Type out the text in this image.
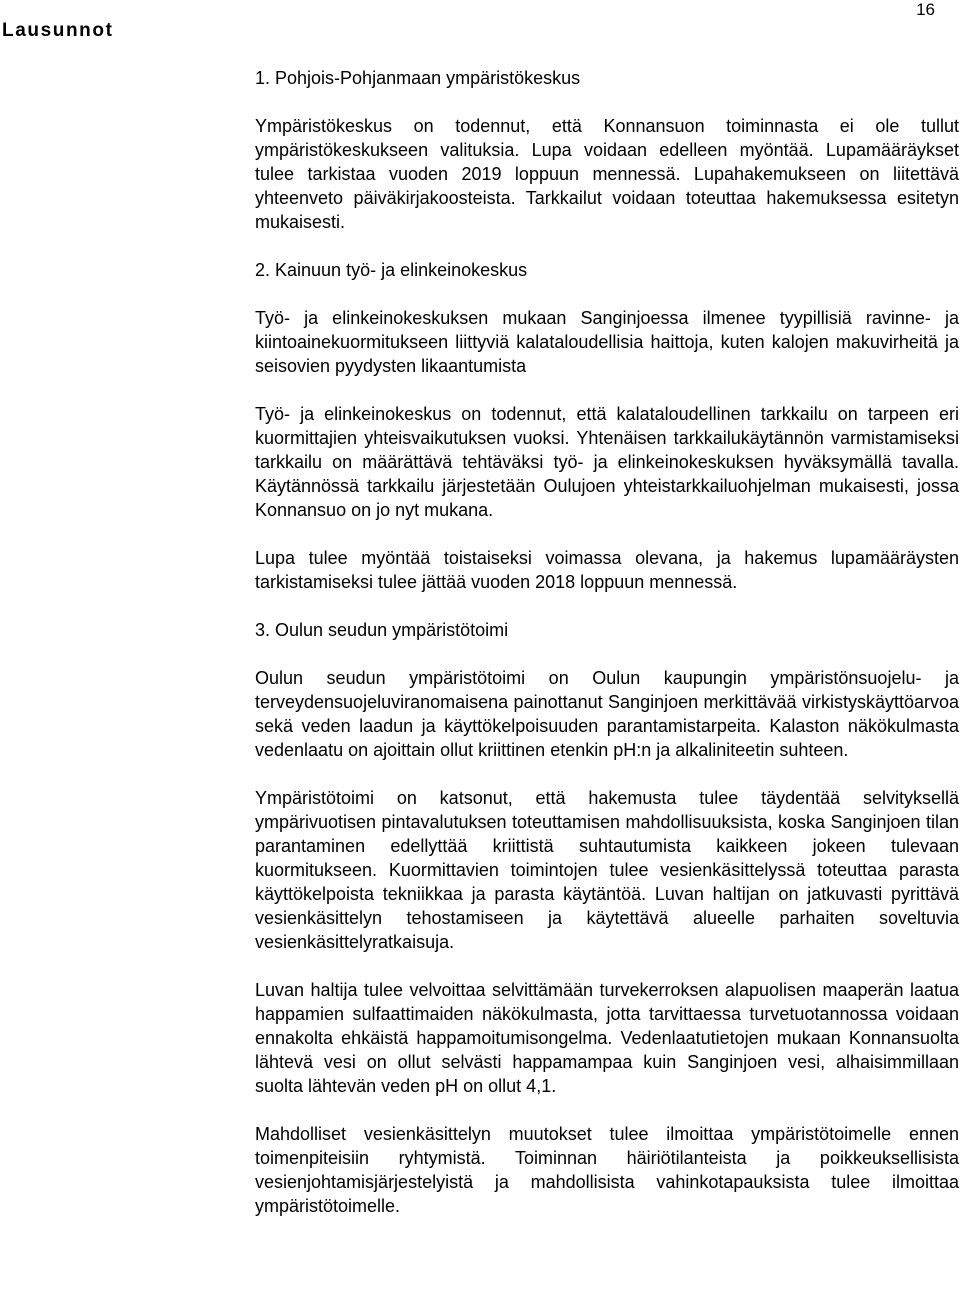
16
Lausunnot
1. Pohjois-Pohjanmaan ympäristökeskus

Ympäristökeskus on todennut, että Konnansuon toiminnasta ei ole tullut ympäristökeskukseen valituksia. Lupa voidaan edelleen myöntää. Lupamääräykset tulee tarkistaa vuoden 2019 loppuun mennessä. Lupahakemukseen on liitettävä yhteenveto päiväkirjakoosteista. Tarkkailut voidaan toteuttaa hakemuksessa esitetyn mukaisesti.

2. Kainuun työ- ja elinkeinokeskus

Työ- ja elinkeinokeskuksen mukaan Sanginjoessa ilmenee tyypillisiä ravinne- ja kiintoainekuormitukseen liittyviä kalataloudellisia haittoja, kuten kalojen makuvirheitä ja seisovien pyydysten likaantumista

Työ- ja elinkeinokeskus on todennut, että kalataloudellinen tarkkailu on tarpeen eri kuormittajien yhteisvaikutuksen vuoksi. Yhtenäisen tarkkailukäytännön varmistamiseksi tarkkailu on määrättävä tehtäväksi työ- ja elinkeinokeskuksen hyväksymällä tavalla. Käytännössä tarkkailu järjestetään Oulujoen yhteistarkkailuohjelman mukaisesti, jossa Konnansuo on jo nyt mukana.

Lupa tulee myöntää toistaiseksi voimassa olevana, ja hakemus lupamääräysten tarkistamiseksi tulee jättää vuoden 2018 loppuun mennessä.

3. Oulun seudun ympäristötoimi

Oulun seudun ympäristötoimi on Oulun kaupungin ympäristönsuojelu- ja terveydensuojeluviranomaisena painottanut Sanginjoen merkittävää virkistyskäyttöarvoa sekä veden laadun ja käyttökelpoisuuden parantamistarpeita. Kalaston näkökulmasta vedenlaatu on ajoittain ollut kriittinen etenkin pH:n ja alkaliniteetin suhteen.

Ympäristötoimi on katsonut, että hakemusta tulee täydentää selvityksellä ympärivuotisen pintavalutuksen toteuttamisen mahdollisuuksista, koska Sanginjoen tilan parantaminen edellyttää kriittistä suhtautumista kaikkeen jokeen tulevaan kuormitukseen. Kuormittavien toimintojen tulee vesienkäsittelyssä toteuttaa parasta käyttökelpoista tekniikkaa ja parasta käytäntöä. Luvan haltijan on jatkuvasti pyrittävä vesienkäsittelyn tehostamiseen ja käytettävä alueelle parhaiten soveltuvia vesienkäsittelyratkaisuja.

Luvan haltija tulee velvoittaa selvittämään turvekerroksen alapuolisen maaperän laatua happamien sulfaattimaiden näkökulmasta, jotta tarvittaessa turvetuotannossa voidaan ennakolta ehkäistä happamoitumisongelma. Vedenlaatutietojen mukaan Konnansuolta lähtevä vesi on ollut selvästi happamampaa kuin Sanginjoen vesi, alhaisimmillaan suolta lähtevän veden pH on ollut 4,1.

Mahdolliset vesienkäsittelyn muutokset tulee ilmoittaa ympäristötoimelle ennen toimenpiteisiin ryhtymistä. Toiminnan häiriötilanteista ja poikkeuksellisista vesienjohtamisjärjestelyistä ja mahdollisista vahinkotapauksista tulee ilmoittaa ympäristötoimelle.
